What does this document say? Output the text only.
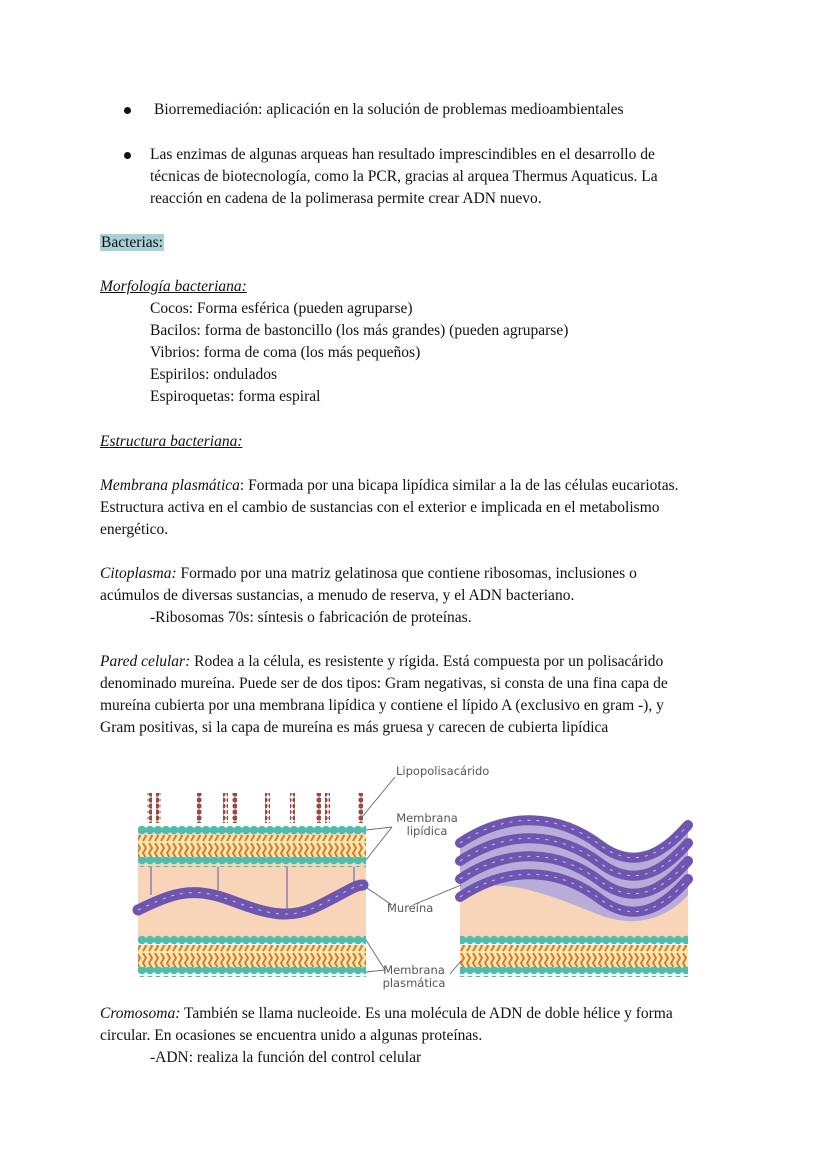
Biorremediación: aplicación en la solución de problemas medioambientales
Las enzimas de algunas arqueas han resultado imprescindibles en el desarrollo de
técnicas de biotecnología, como la PCR, gracias al arquea Thermus Aquaticus. La
reacción en cadena de la polimerasa permite crear ADN nuevo.
Bacterias:
Morfología bacteriana:
Cocos: Forma esférica (pueden agruparse)
Bacilos: forma de bastoncillo (los más grandes) (pueden agruparse)
Vibrios: forma de coma (los más pequeños)
Espirilos: ondulados
Espiroquetas: forma espiral
Estructura bacteriana:
Membrana plasmática: Formada por una bicapa lipídica similar a la de las células eucariotas.
Estructura activa en el cambio de sustancias con el exterior e implicada en el metabolismo
energético.
Citoplasma: Formado por una matriz gelatinosa que contiene ribosomas, inclusiones o
acúmulos de diversas sustancias, a menudo de reserva, y el ADN bacteriano.
-Ribosomas 70s: síntesis o fabricación de proteínas.
Pared celular: Rodea a la célula, es resistente y rígida. Está compuesta por un polisacárido
denominado mureína. Puede ser de dos tipos: Gram negativas, si consta de una fina capa de
mureína cubierta por una membrana lipídica y contiene el lípido A (exclusivo en gram -), y
Gram positivas, si la capa de mureína es más gruesa y carecen de cubierta lipídica
Lipopolisacárido
Membrana
lipídica
Mureína
Membrana
plasmática
Cromosoma: También se llama nucleoide. Es una molécula de ADN de doble hélice y forma
circular. En ocasiones se encuentra unido a algunas proteínas.
-ADN: realiza la función del control celular
